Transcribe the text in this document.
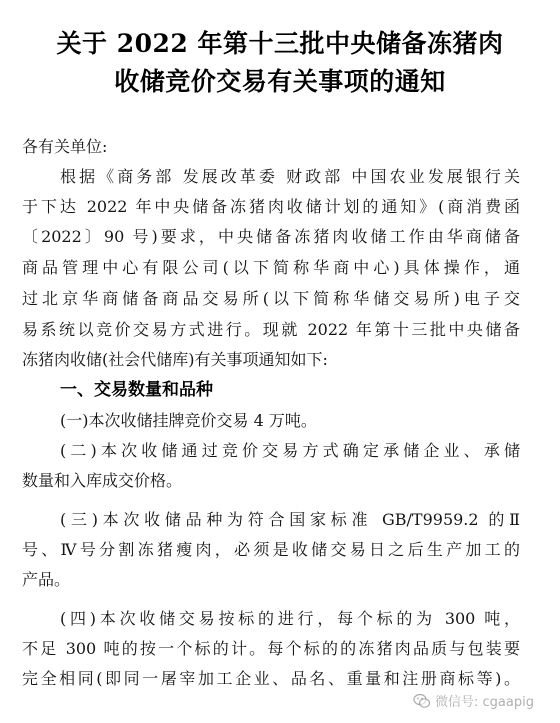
关于 2022 年第十三批中央储备冻猪肉
收储竞价交易有关事项的通知
各有关单位:
根据《商务部 发展改革委 财政部 中国农业发展银行关
于下达 2022 年中央储备冻猪肉收储计划的通知》(商消费函
〔2022〕90 号)要求，中央储备冻猪肉收储工作由华商储备
商品管理中心有限公司(以下简称华商中心)具体操作，通
过北京华商储备商品交易所(以下简称华储交易所)电子交
易系统以竞价交易方式进行。现就 2022 年第十三批中央储备
冻猪肉收储(社会代储库)有关事项通知如下:
一、交易数量和品种
(一)本次收储挂牌竞价交易 4 万吨。
(二)本次收储通过竞价交易方式确定承储企业、承储
数量和入库成交价格。
(三)本次收储品种为符合国家标准 GB/T9959.2 的Ⅱ
号、Ⅳ号分割冻猪瘦肉，必须是收储交易日之后生产加工的
产品。
(四)本次收储交易按标的进行，每个标的为 300 吨，
不足 300 吨的按一个标的计。每个标的的冻猪肉品质与包装要
完全相同(即同一屠宰加工企业、品名、重量和注册商标等)。
微信号: cgaapig
